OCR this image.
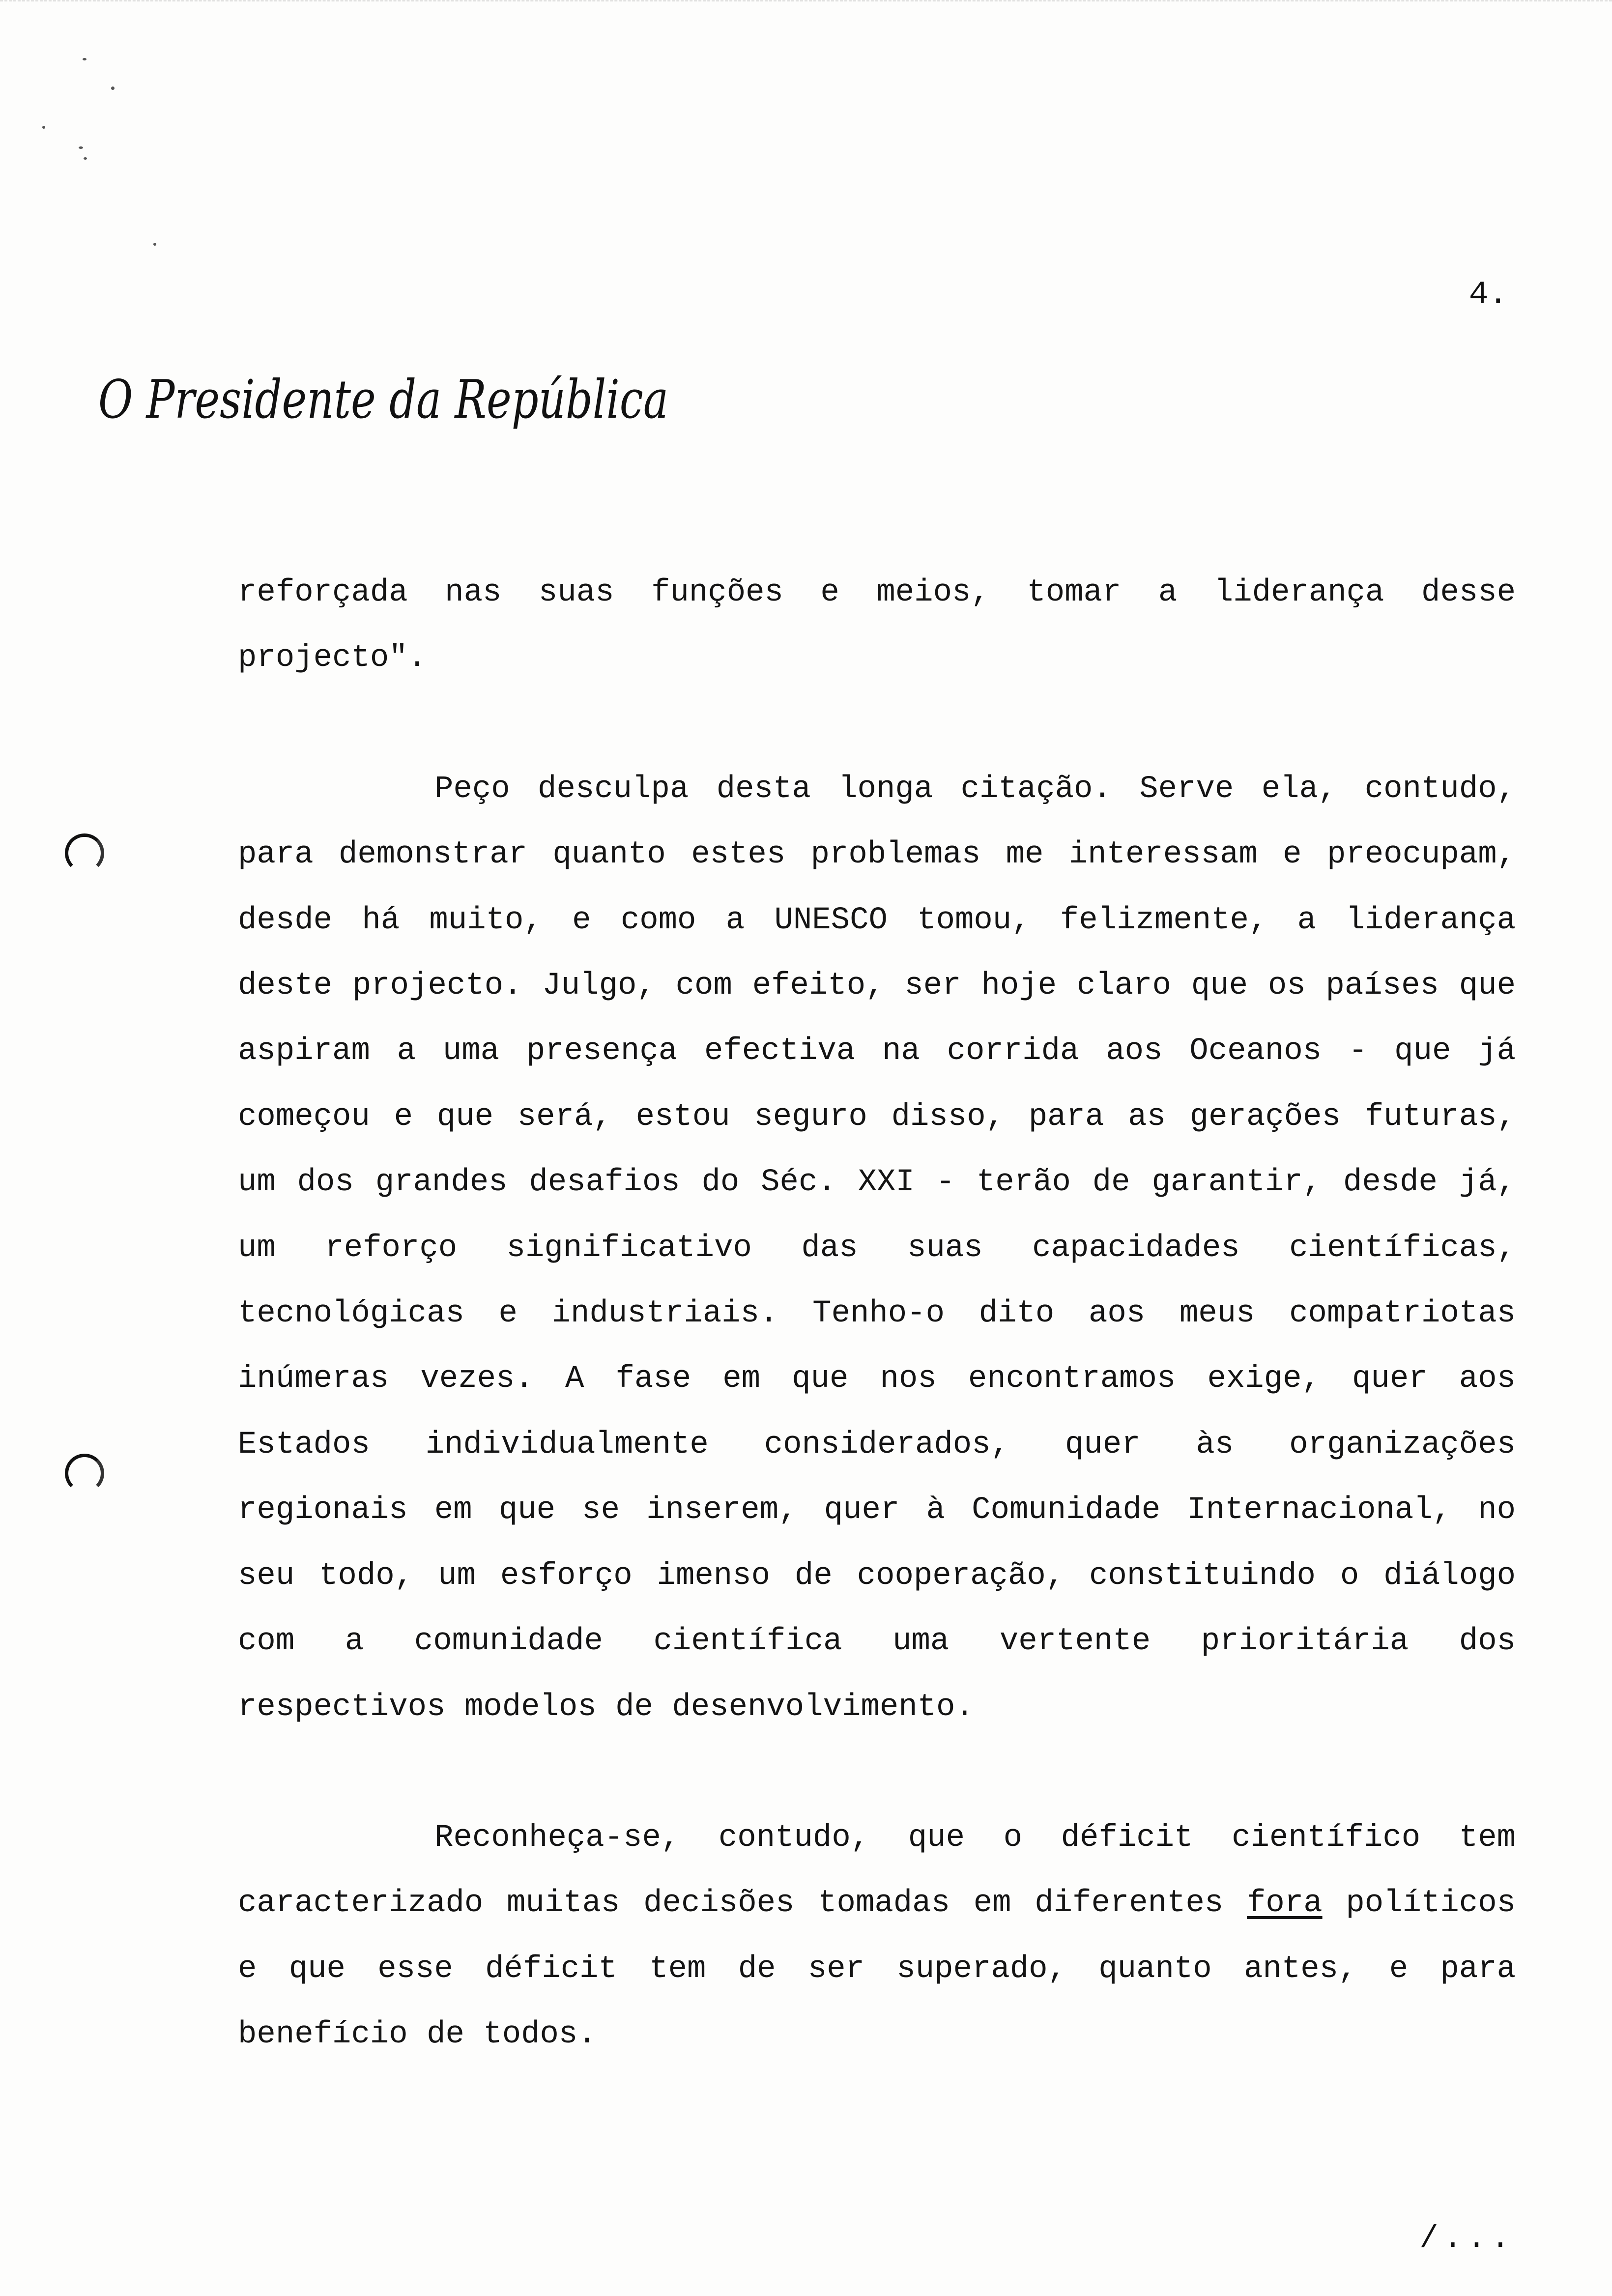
4.
O Presidente da República

reforçada nas suas funções e meios, tomar a liderança desse projecto".

Peço desculpa desta longa citação. Serve ela, contudo, para demonstrar quanto estes problemas me interessam e preocupam, desde há muito, e como a UNESCO tomou, felizmente, a liderança deste projecto. Julgo, com efeito, ser hoje claro que os países que aspiram a uma presença efectiva na corrida aos Oceanos - que já começou e que será, estou seguro disso, para as gerações futuras, um dos grandes desafios do Séc. XXI - terão de garantir, desde já, um reforço significativo das suas capacidades científicas, tecnológicas e industriais. Tenho-o dito aos meus compatriotas inúmeras vezes. A fase em que nos encontramos exige, quer aos Estados individualmente considerados, quer às organizações regionais em que se inserem, quer à Comunidade Internacional, no seu todo, um esforço imenso de cooperação, constituindo o diálogo com a comunidade científica uma vertente prioritária dos respectivos modelos de desenvolvimento.

Reconheça-se, contudo, que o déficit científico tem caracterizado muitas decisões tomadas em diferentes fora políticos e que esse déficit tem de ser superado, quanto antes, e para benefício de todos.

/...
